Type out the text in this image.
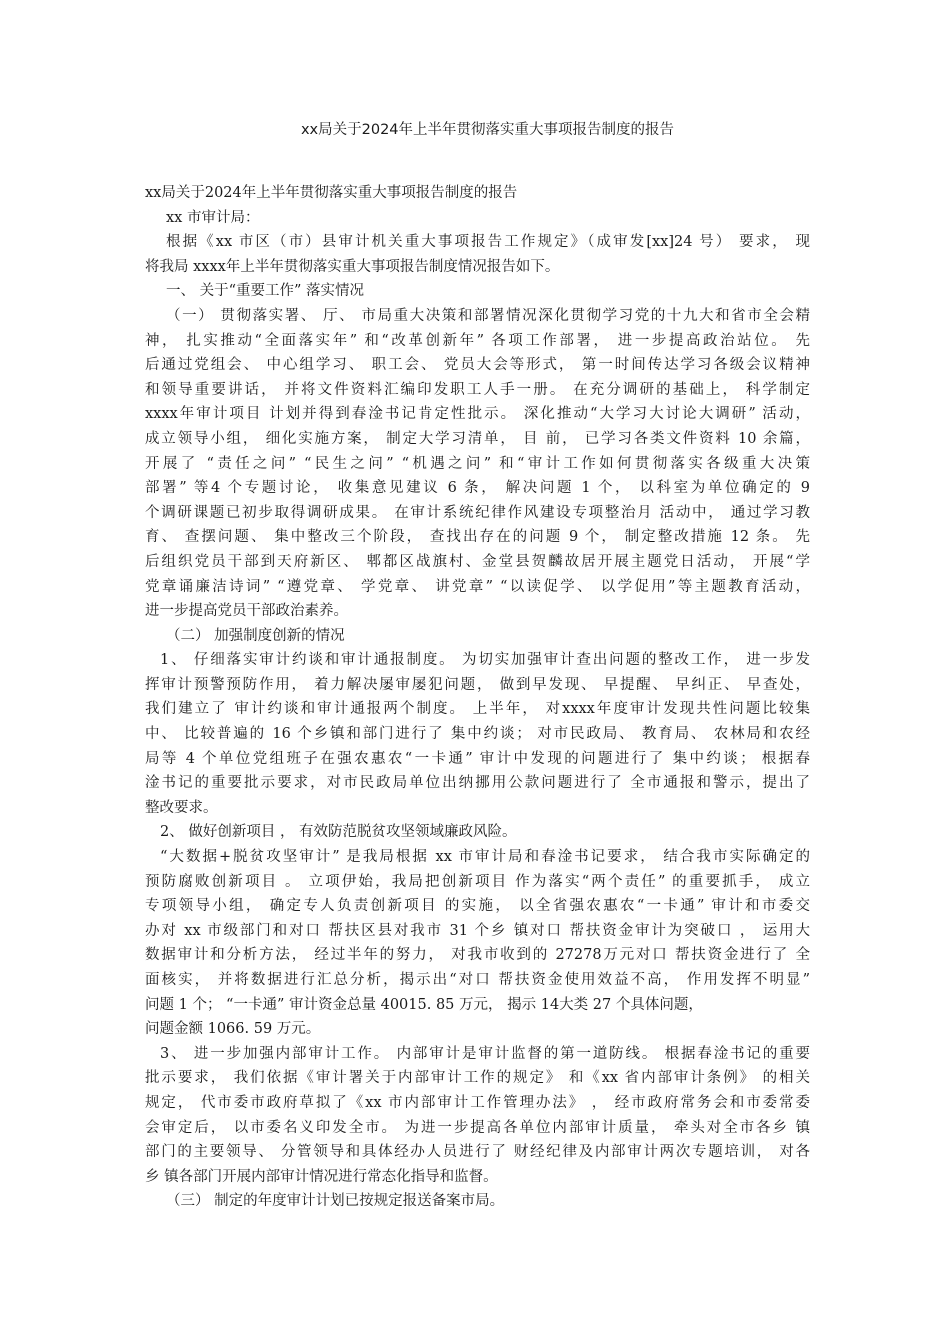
xx局关于2024年上半年贯彻落实重大事项报告制度的报告
xx局关于2024年上半年贯彻落实重大事项报告制度的报告
xx 市审计局：
根据《xx 市区（市）县审计机关重大事项报告工作规定》（成审发[xx]24 号） 要求， 现
将我局 xxxx年上半年贯彻落实重大事项报告制度情况报告如下。
一、 关于“重要工作” 落实情况
（一） 贯彻落实署、 厅、 市局重大决策和部署情况深化贯彻学习党的十九大和省市全会精
神， 扎实推动“全面落实年” 和“改革创新年” 各项工作部署， 进一步提高政治站位。 先
后通过党组会、 中心组学习、 职工会、 党员大会等形式， 第一时间传达学习各级会议精神
和领导重要讲话， 并将文件资料汇编印发职工人手一册。 在充分调研的基础上， 科学制定
xxxx年审计项目 计划并得到春淦书记肯定性批示。 深化推动“大学习大讨论大调研” 活动，
成立领导小组， 细化实施方案， 制定大学习清单， 目 前， 已学习各类文件资料 10 余篇，
开展了 “责任之问” “民生之问” “机遇之问” 和“审计工作如何贯彻落实各级重大决策
部署” 等4 个专题讨论， 收集意见建议 6 条， 解决问题 1 个， 以科室为单位确定的 9
个调研课题已初步取得调研成果。 在审计系统纪律作风建设专项整治月 活动中， 通过学习教
育、 查摆问题、 集中整改三个阶段， 查找出存在的问题 9 个， 制定整改措施 12 条。 先
后组织党员干部到天府新区、 郫都区战旗村、金堂县贺麟故居开展主题党日活动， 开展“学
党章诵廉洁诗词” “遵党章、 学党章、 讲党章” “以读促学、 以学促用”等主题教育活动，
进一步提高党员干部政治素养。
（二） 加强制度创新的情况
1、 仔细落实审计约谈和审计通报制度。 为切实加强审计查出问题的整改工作， 进一步发
挥审计预警预防作用， 着力解决屡审屡犯问题， 做到早发现、 早提醒、 早纠正、 早查处，
我们建立了 审计约谈和审计通报两个制度。 上半年， 对xxxx年度审计发现共性问题比较集
中、 比较普遍的 16 个乡镇和部门进行了 集中约谈； 对市民政局、 教育局、 农林局和农经
局等 4 个单位党组班子在强农惠农“一卡通” 审计中发现的问题进行了 集中约谈； 根据春
淦书记的重要批示要求，对市民政局单位出纳挪用公款问题进行了 全市通报和警示，提出了
整改要求。
2、 做好创新项目 ， 有效防范脱贫攻坚领域廉政风险。
“大数据+脱贫攻坚审计” 是我局根据 xx 市审计局和春淦书记要求， 结合我市实际确定的
预防腐败创新项目 。 立项伊始，我局把创新项目 作为落实“两个责任” 的重要抓手， 成立
专项领导小组， 确定专人负责创新项目 的实施， 以全省强农惠农“一卡通” 审计和市委交
办对 xx 市级部门和对口 帮扶区县对我市 31 个乡 镇对口 帮扶资金审计为突破口 ， 运用大
数据审计和分析方法， 经过半年的努力， 对我市收到的 27278万元对口 帮扶资金进行了 全
面核实， 并将数据进行汇总分析，揭示出“对口 帮扶资金使用效益不高， 作用发挥不明显”
问题 1 个； “一卡通” 审计资金总量 40015. 85 万元， 揭示 14大类 27 个具体问题，
问题金额 1066. 59 万元。
3、 进一步加强内部审计工作。 内部审计是审计监督的第一道防线。 根据春淦书记的重要
批示要求， 我们依据《审计署关于内部审计工作的规定》 和《xx 省内部审计条例》 的相关
规定， 代市委市政府草拟了《xx 市内部审计工作管理办法》 ， 经市政府常务会和市委常委
会审定后， 以市委名义印发全市。 为进一步提高各单位内部审计质量， 牵头对全市各乡 镇
部门的主要领导、 分管领导和具体经办人员进行了 财经纪律及内部审计两次专题培训， 对各
乡 镇各部门开展内部审计情况进行常态化指导和监督。
（三） 制定的年度审计计划已按规定报送备案市局。
